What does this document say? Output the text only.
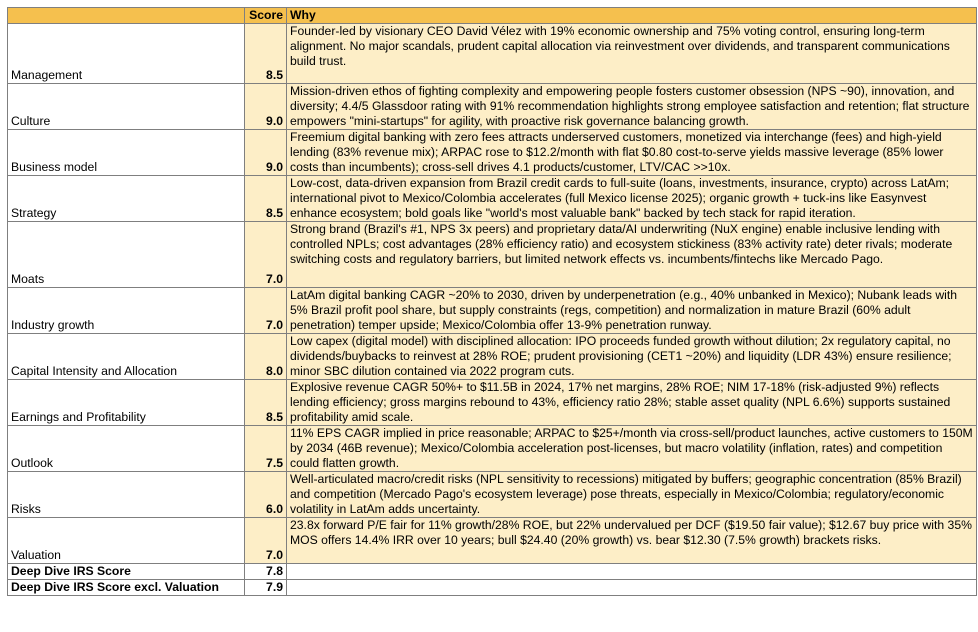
	Score	Why
Management	8.5	Founder-led by visionary CEO David Vélez with 19% economic ownership and 75% voting control, ensuring long-term alignment. No major scandals, prudent capital allocation via reinvestment over dividends, and transparent communications build trust.
Culture	9.0	Mission-driven ethos of fighting complexity and empowering people fosters customer obsession (NPS ~90), innovation, and diversity; 4.4/5 Glassdoor rating with 91% recommendation highlights strong employee satisfaction and retention; flat structure empowers "mini-startups" for agility, with proactive risk governance balancing growth.
Business model	9.0	Freemium digital banking with zero fees attracts underserved customers, monetized via interchange (fees) and high-yield lending (83% revenue mix); ARPAC rose to $12.2/month with flat $0.80 cost-to-serve yields massive leverage (85% lower costs than incumbents); cross-sell drives 4.1 products/customer, LTV/CAC >>10x.
Strategy	8.5	Low-cost, data-driven expansion from Brazil credit cards to full-suite (loans, investments, insurance, crypto) across LatAm; international pivot to Mexico/Colombia accelerates (full Mexico license 2025); organic growth + tuck-ins like Easynvest enhance ecosystem; bold goals like "world's most valuable bank" backed by tech stack for rapid iteration.
Moats	7.0	Strong brand (Brazil's #1, NPS 3x peers) and proprietary data/AI underwriting (NuX engine) enable inclusive lending with controlled NPLs; cost advantages (28% efficiency ratio) and ecosystem stickiness (83% activity rate) deter rivals; moderate switching costs and regulatory barriers, but limited network effects vs. incumbents/fintechs like Mercado Pago.
Industry growth	7.0	LatAm digital banking CAGR ~20% to 2030, driven by underpenetration (e.g., 40% unbanked in Mexico); Nubank leads with 5% Brazil profit pool share, but supply constraints (regs, competition) and normalization in mature Brazil (60% adult penetration) temper upside; Mexico/Colombia offer 13-9% penetration runway.
Capital Intensity and Allocation	8.0	Low capex (digital model) with disciplined allocation: IPO proceeds funded growth without dilution; 2x regulatory capital, no dividends/buybacks to reinvest at 28% ROE; prudent provisioning (CET1 ~20%) and liquidity (LDR 43%) ensure resilience; minor SBC dilution contained via 2022 program cuts.
Earnings and Profitability	8.5	Explosive revenue CAGR 50%+ to $11.5B in 2024, 17% net margins, 28% ROE; NIM 17-18% (risk-adjusted 9%) reflects lending efficiency; gross margins rebound to 43%, efficiency ratio 28%; stable asset quality (NPL 6.6%) supports sustained profitability amid scale.
Outlook	7.5	11% EPS CAGR implied in price reasonable; ARPAC to $25+/month via cross-sell/product launches, active customers to 150M by 2034 (46B revenue); Mexico/Colombia acceleration post-licenses, but macro volatility (inflation, rates) and competition could flatten growth.
Risks	6.0	Well-articulated macro/credit risks (NPL sensitivity to recessions) mitigated by buffers; geographic concentration (85% Brazil) and competition (Mercado Pago's ecosystem leverage) pose threats, especially in Mexico/Colombia; regulatory/economic volatility in LatAm adds uncertainty.
Valuation	7.0	23.8x forward P/E fair for 11% growth/28% ROE, but 22% undervalued per DCF ($19.50 fair value); $12.67 buy price with 35% MOS offers 14.4% IRR over 10 years; bull $24.40 (20% growth) vs. bear $12.30 (7.5% growth) brackets risks.
Deep Dive IRS Score	7.8	
Deep Dive IRS Score excl. Valuation	7.9	
